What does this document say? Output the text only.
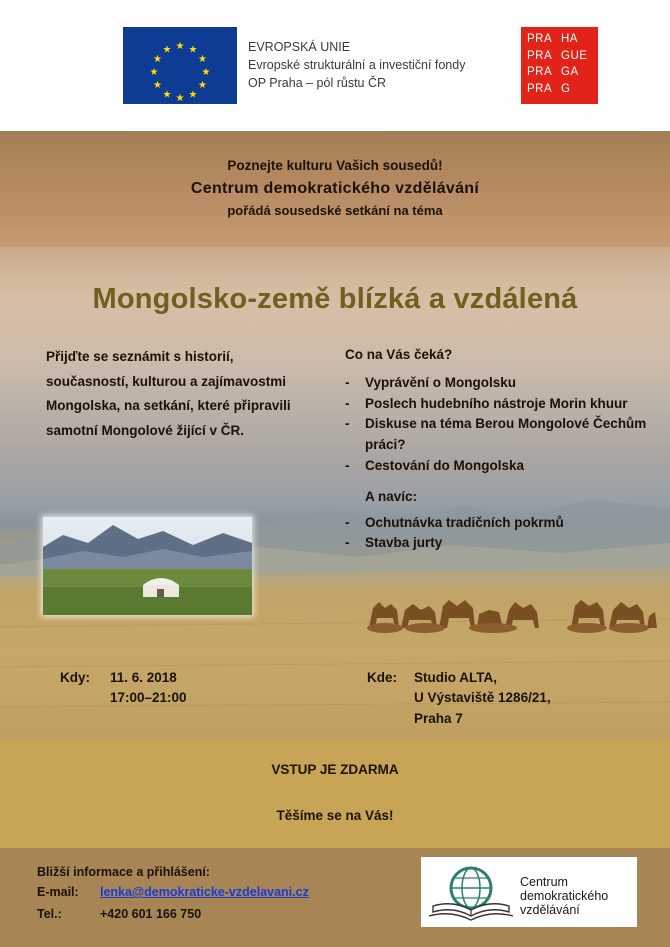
★ ★
★
★
★
★
★
★
★
★
★
★	EVROPSKÁ UNIE
Evropské strukturální a investiční fondy
OP Praha – pól růstu ČR
PRA HA
PRA GUE
PRA GA
PRA G
Poznejte kulturu Vašich sousedů!
Centrum demokratického vzdělávání
pořádá sousedské setkání na téma
Mongolsko-země blízká a vzdálená
Přijďte se seznámit s historií, současností, kulturou a zajímavostmi Mongolska, na setkání, které připravili samotní Mongolové žijící v ČR.
Co na Vás čeká?
- Vyprávění o Mongolsku
- Poslech hudebního nástroje Morin khuur
- Diskuse na téma Berou Mongolové Čechům práci?
- Cestování do Mongolska
A navíc:
- Ochutnávka tradičních pokrmů
- Stavba jurty
Kdy: 11. 6. 2018
17:00–21:00
Kde: Studio ALTA,
U Výstaviště 1286/21,
Praha 7
VSTUP JE ZDARMA
Těšíme se na Vás!
Bližší informace a přihlášení:
E-mail: lenka@demokraticke-vzdelavani.cz
Tel.:	+420 601 166 750
Centrum
demokratického
vzdělávání
